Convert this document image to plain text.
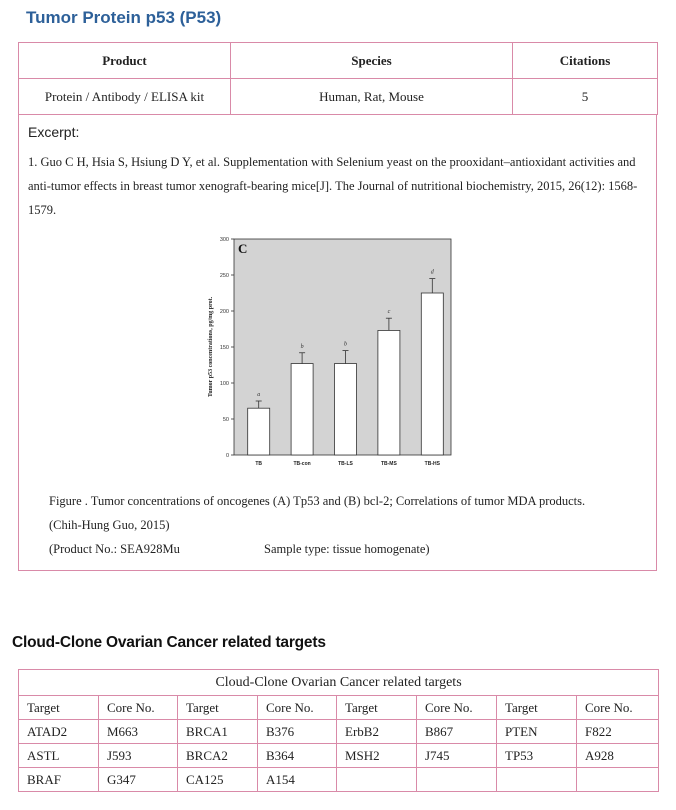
Tumor Protein p53 (P53)
Product	Species	Citations
Protein / Antibody / ELISA kit	Human, Rat, Mouse	5
Excerpt:
1. Guo C H, Hsia S, Hsiung D Y, et al. Supplementation with Selenium yeast on the prooxidant–antioxidant activities and anti-tumor effects in breast tumor xenograft-bearing mice[J]. The Journal of nutritional biochemistry, 2015, 26(12): 1568-1579.
C
0
50
100
150
200
250
300
Tumor p53 concentrations, pg/mg prot.	a
TB
b
TB-con
b
TB-LS
c
TB-MS
d
TB-HS
Figure . Tumor concentrations of oncogenes (A) Tp53 and (B) bcl-2; Correlations of tumor MDA products.
(Chih-Hung Guo, 2015)
(Product No.: SEA928Mu	Sample type: tissue homogenate)
Cloud-Clone Ovarian Cancer related targets
Cloud-Clone Ovarian Cancer related targets							
Target	Core No.	Target	Core No.	Target	Core No.	Target	Core No.
ATAD2	M663	BRCA1	B376	ErbB2	B867	PTEN	F822
ASTL	J593	BRCA2	B364	MSH2	J745	TP53	A928
BRAF	G347	CA125	A154				
